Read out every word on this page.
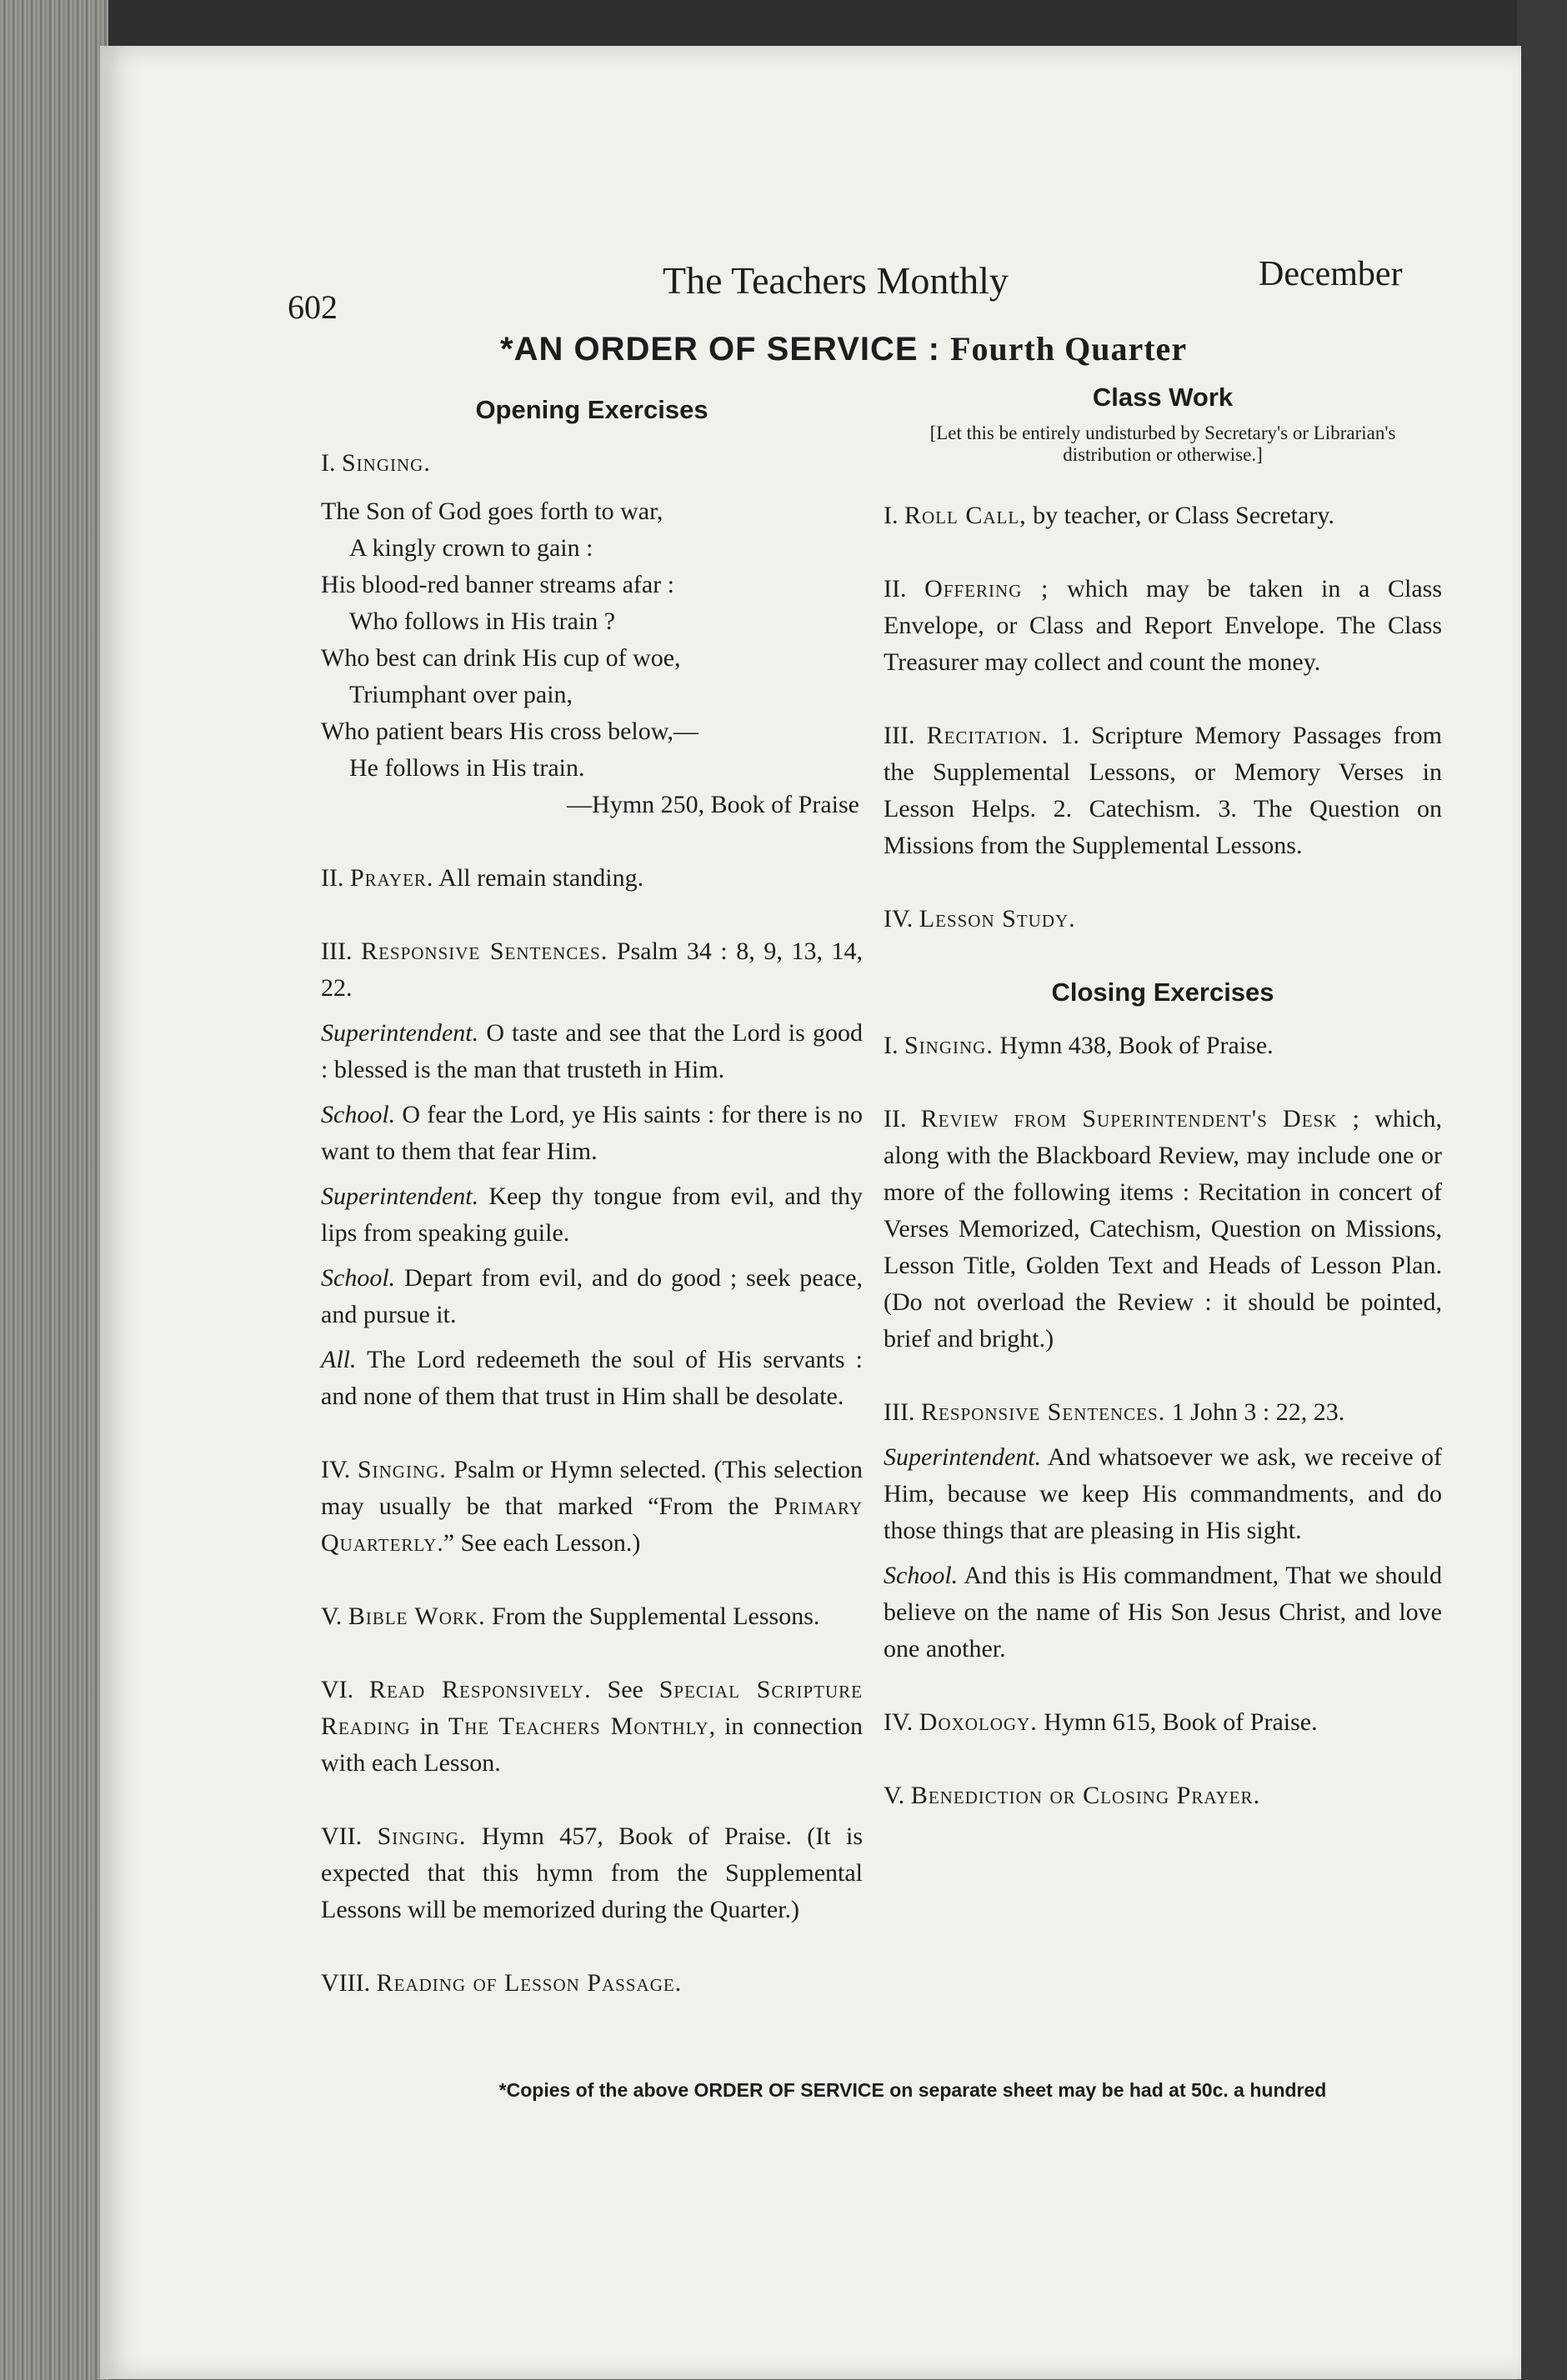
602
The Teachers Monthly	December
*AN ORDER OF SERVICE : Fourth Quarter
Opening Exercises
I. Singing.
The Son of God goes forth to war,
A kingly crown to gain :
His blood-red banner streams afar :
Who follows in His train ?
Who best can drink His cup of woe,
Triumphant over pain,
Who patient bears His cross below,—
He follows in His train.
—Hymn 250, Book of Praise
II. Prayer. All remain standing.
III. Responsive Sentences. Psalm 34 : 8, 9, 13, 14, 22.

Superintendent. O taste and see that the Lord is good : blessed is the man that trusteth in Him.

School. O fear the Lord, ye His saints : for there is no want to them that fear Him.

Superintendent. Keep thy tongue from evil, and thy lips from speaking guile.

School. Depart from evil, and do good ; seek peace, and pursue it.

All. The Lord redeemeth the soul of His servants : and none of them that trust in Him shall be desolate.

IV. Singing. Psalm or Hymn selected. (This selection may usually be that marked “From the Primary Quarterly.” See each Lesson.)
V. Bible Work. From the Supplemental Lessons.
VI. Read Responsively. See Special Scripture Reading in The Teachers Monthly, in connection with each Lesson.
VII. Singing. Hymn 457, Book of Praise. (It is expected that this hymn from the Supplemental Lessons will be memorized during the Quarter.)
VIII. Reading of Lesson Passage.
Class Work
[Let this be entirely undisturbed by Secretary's or Librarian's distribution or otherwise.]
I. Roll Call, by teacher, or Class Secretary.
II. Offering ; which may be taken in a Class Envelope, or Class and Report Envelope. The Class Treasurer may collect and count the money.
III. Recitation. 1. Scripture Memory Passages from the Supplemental Lessons, or Memory Verses in Lesson Helps. 2. Catechism. 3. The Question on Missions from the Supplemental Lessons.
IV. Lesson Study.
Closing Exercises
I. Singing. Hymn 438, Book of Praise.
II. Review from Superintendent's Desk ; which, along with the Blackboard Review, may include one or more of the following items : Recitation in concert of Verses Memorized, Catechism, Question on Missions, Lesson Title, Golden Text and Heads of Lesson Plan. (Do not overload the Review : it should be pointed, brief and bright.)
III. Responsive Sentences. 1 John 3 : 22, 23.

Superintendent. And whatsoever we ask, we receive of Him, because we keep His commandments, and do those things that are pleasing in His sight.

School. And this is His commandment, That we should believe on the name of His Son Jesus Christ, and love one another.

IV. Doxology. Hymn 615, Book of Praise.
V. Benediction or Closing Prayer.
*Copies of the above ORDER OF SERVICE on separate sheet may be had at 50c. a hundred
